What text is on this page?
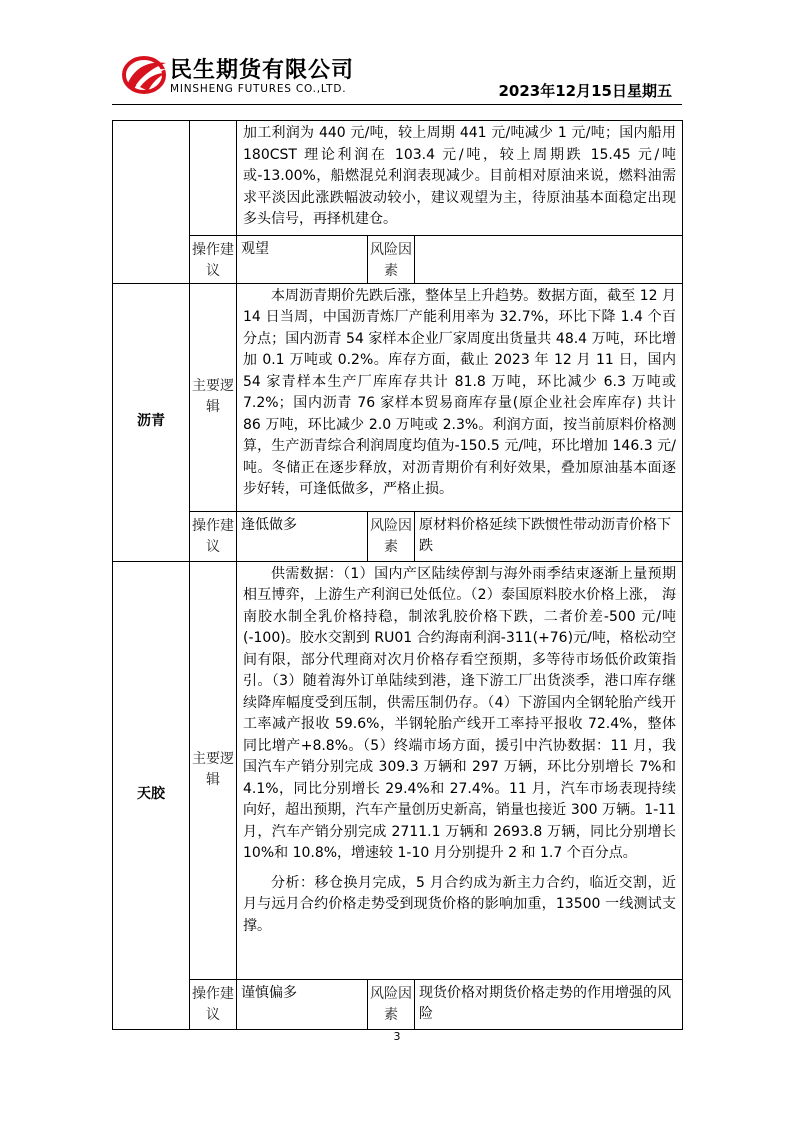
民生期货有限公司
MINSHENG FUTURES CO.,LTD.	2023年12月15日星期五

		加工利润为 440 元/吨，较上周期 441 元/吨减少 1 元/吨；国内船用 180CST 理论利润在 103.4 元/吨，较上周期跌 15.45 元/吨或-13.00%，船燃混兑利润表现减少。目前相对原油来说，燃料油需求平淡因此涨跌幅波动较小，建议观望为主，待原油基本面稳定出现多头信号，再择机建仓。		

	操作建议	观望	风险因素	
沥青	主要逻辑	本周沥青期价先跌后涨，整体呈上升趋势。数据方面，截至 12 月 14 日当周，中国沥青炼厂产能利用率为 32.7%，环比下降 1.4 个百分点；国内沥青 54 家样本企业厂家周度出货量共 48.4 万吨，环比增加 0.1 万吨或 0.2%。库存方面，截止 2023 年 12 月 11 日，国内 54 家青样本生产厂库库存共计 81.8 万吨，环比减少 6.3 万吨或 7.2%；国内沥青 76 家样本贸易商库存量(原企业社会库库存) 共计 86 万吨，环比减少 2.0 万吨或 2.3%。利润方面，按当前原料价格测算，生产沥青综合利润周度均值为-150.5 元/吨，环比增加 146.3 元/吨。冬储正在逐步释放，对沥青期价有利好效果，叠加原油基本面逐步好转，可逢低做多，严格止损。		

	操作建议	逢低做多	风险因素	原材料价格延续下跌惯性带动沥青价格下跌
天胶	主要逻辑	供需数据：（1）国内产区陆续停割与海外雨季结束逐渐上量预期相互博弈，上游生产利润已处低位。（2）泰国原料胶水价格上涨， 海南胶水制全乳价格持稳，制浓乳胶价格下跌，二者价差-500 元/吨(-100)。胶水交割到 RU01 合约海南利润-311(+76)元/吨，格松动空间有限，部分代理商对次月价格存看空预期，多等待市场低价政策指引。（3）随着海外订单陆续到港，逢下游工厂出货淡季，港口库存继续降库幅度受到压制，供需压制仍存。（4）下游国内全钢轮胎产线开工率减产报收 59.6%，半钢轮胎产线开工率持平报收 72.4%，整体同比增产+8.8%。（5）终端市场方面，援引中汽协数据：11 月，我国汽车产销分别完成 309.3 万辆和 297 万辆，环比分别增长 7%和 4.1%，同比分别增长 29.4%和 27.4%。11 月，汽车市场表现持续向好，超出预期，汽车产量创历史新高，销量也接近 300 万辆。1-11 月，汽车产销分别完成 2711.1 万辆和 2693.8 万辆，同比分别增长 10%和 10.8%，增速较 1-10 月分别提升 2 和 1.7 个百分点。

分析：移仓换月完成，5 月合约成为新主力合约，临近交割，近月与远月合约价格走势受到现货价格的影响加重，13500 一线测试支撑。		

	操作建议	谨慎偏多	风险因素	现货价格对期货价格走势的作用增强的风险
3
